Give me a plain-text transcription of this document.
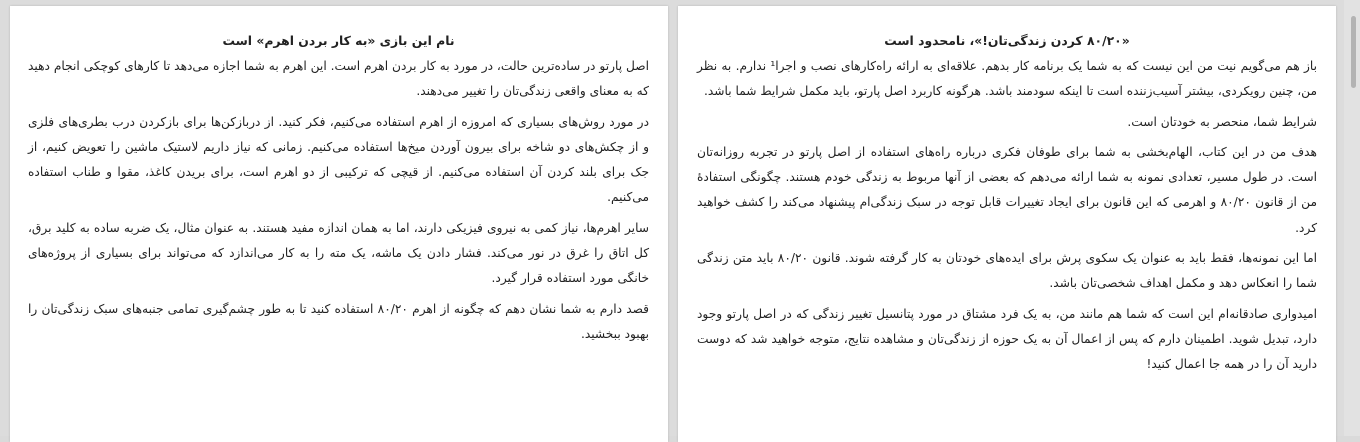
نام این بازی «به کار بردن اهرم» است

اصل پارتو در ساده‌ترین حالت، در مورد به کار بردن اهرم است. این اهرم به شما اجازه می‌دهد تا کارهای کوچکی انجام دهید که به معنای واقعی زندگی‌تان را تغییر می‌دهند.

در مورد روش‌های بسیاری که امروزه از اهرم استفاده می‌کنیم، فکر کنید. از دربازکن‌ها برای بازکردن درب بطری‌های فلزی و از چکش‌های دو شاخه برای بیرون آوردن میخ‌ها استفاده می‌کنیم. زمانی که نیاز داریم لاستیک ماشین را تعویض کنیم، از جک برای بلند کردن آن استفاده می‌کنیم. از قیچی که ترکیبی از دو اهرم است، برای بریدن کاغذ، مقوا و طناب استفاده می‌کنیم.

سایر اهرم‌ها، نیاز کمی به نیروی فیزیکی دارند، اما به همان اندازه مفید هستند. به عنوان مثال، یک ضربه ساده به کلید برق، کل اتاق را غرق در نور می‌کند. فشار دادن یک ماشه، یک مته را به کار می‌اندازد که می‌تواند برای بسیاری از پروژه‌های خانگی مورد استفاده قرار گیرد.

قصد دارم به شما نشان دهم که چگونه از اهرم ۸۰/۲۰ استفاده کنید تا به طور چشم‌گیری تمامی جنبه‌های سبک زندگی‌تان را بهبود ببخشید.

«۸۰/۲۰ کردن زندگی‌تان!»، نامحدود است

باز هم می‌گویم نیت من این نیست که به شما یک برنامه کار بدهم. علاقه‌ای به ارائه راه‌کارهای نصب و اجرا¹ ندارم. به نظر من، چنین رویکردی، بیشتر آسیب‌زننده است تا اینکه سودمند باشد. هرگونه کاربرد اصل پارتو، باید مکمل شرایط شما باشد.

شرایط شما، منحصر به خودتان است.

هدف من در این کتاب، الهام‌بخشی به شما برای طوفان فکری درباره راه‌های استفاده از اصل پارتو در تجربه روزانه‌تان است. در طول مسیر، تعدادی نمونه به شما ارائه می‌دهم که بعضی از آنها مربوط به زندگی خودم هستند. چگونگی استفادهٔ من از قانون ۸۰/۲۰ و اهرمی که این قانون برای ایجاد تغییرات قابل توجه در سبک زندگی‌ام پیشنهاد می‌کند را کشف خواهید کرد.

اما این نمونه‌ها، فقط باید به عنوان یک سکوی پرش برای ایده‌های خودتان به کار گرفته شوند. قانون ۸۰/۲۰ باید متن زندگی شما را انعکاس دهد و مکمل اهداف شخصی‌تان باشد.

امیدواری صادقانه‌ام این است که شما هم مانند من، به یک فرد مشتاق در مورد پتانسیل تغییر زندگی که در اصل پارتو وجود دارد، تبدیل شوید. اطمینان دارم که پس از اعمال آن به یک حوزه از زندگی‌تان و مشاهده نتایج، متوجه خواهید شد که دوست دارید آن را در همه جا اعمال کنید!
